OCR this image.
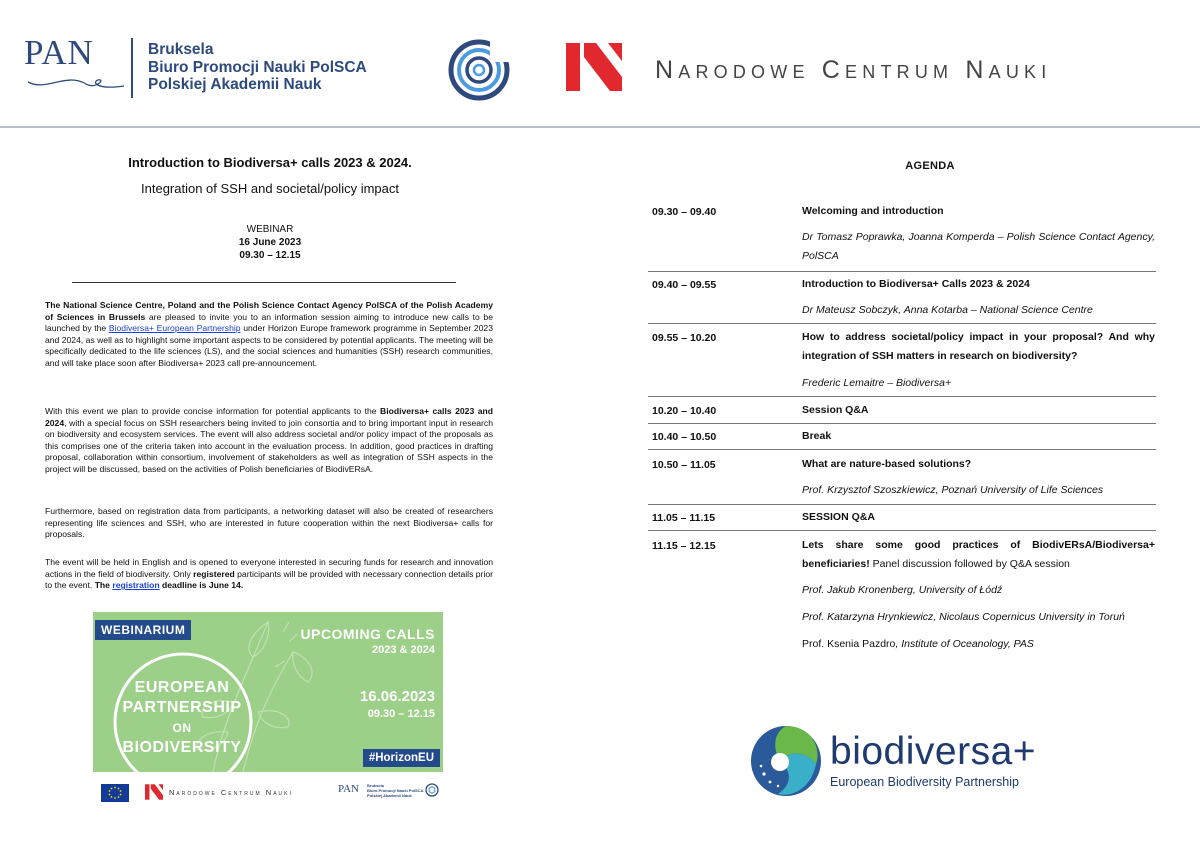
PAN	Bruksela
Biuro Promocji Nauki PolSCA
Polskiej Akademii Nauk
Narodowe Centrum Nauki
Introduction to Biodiversa+ calls 2023 & 2024.
Integration of SSH and societal/policy impact
WEBINAR
16 June 2023
09.30 – 12.15
The National Science Centre, Poland and the Polish Science Contact Agency PolSCA of the Polish Academy of Sciences in Brussels are pleased to invite you to an information session aiming to introduce new calls to be launched by the Biodiversa+ European Partnership under Horizon Europe framework programme in September 2023 and 2024, as well as to highlight some important aspects to be considered by potential applicants. The meeting will be specifically dedicated to the life sciences (LS), and the social sciences and humanities (SSH) research communities, and will take place soon after Biodiversa+ 2023 call pre-announcement.
With this event we plan to provide concise information for potential applicants to the Biodiversa+ calls 2023 and 2024, with a special focus on SSH researchers being invited to join consortia and to bring important input in research on biodiversity and ecosystem services. The event will also address societal and/or policy impact of the proposals as this comprises one of the criteria taken into account in the evaluation process. In addition, good practices in drafting proposal, collaboration within consortium, involvement of stakeholders as well as integration of SSH aspects in the project will be discussed, based on the activities of Polish beneficiaries of BiodivERsA.
Furthermore, based on registration data from participants, a networking dataset will also be created of researchers representing life sciences and SSH, who are interested in future cooperation within the next Biodiversa+ calls for proposals.
The event will be held in English and is opened to everyone interested in securing funds for research and innovation actions in the field of biodiversity. Only registered participants will be provided with necessary connection details prior to the event. The registration deadline is June 14.
WEBINARIUM	UPCOMING CALLS
2023 & 2024
EUROPEAN
PARTNERSHIP
ON
BIODIVERSITY
16.06.2023
09.30 – 12.15
#HorizonEU
Narodowe Centrum Nauki	PAN Bruksela
Biuro Promocji Nauki PolSCA
Polskiej Akademii Nauk
AGENDA
09.30 – 09.40	Welcoming and introduction
Dr Tomasz Poprawka, Joanna Komperda – Polish Science Contact Agency, PolSCA
09.40 – 09.55	Introduction to Biodiversa+ Calls 2023 & 2024
Dr Mateusz Sobczyk, Anna Kotarba – National Science Centre
09.55 – 10.20	How to address societal/policy impact in your proposal? And why integration of SSH matters in research on biodiversity?
Frederic Lemaitre – Biodiversa+
10.20 – 10.40	Session Q&A
10.40 – 10.50	Break
10.50 – 11.05	What are nature-based solutions?
Prof. Krzysztof Szoszkiewicz, Poznań University of Life Sciences
11.05 – 11.15	SESSION Q&A
11.15 – 12.15	Lets share some good practices of BiodivERsA/Biodiversa+ beneficiaries! Panel discussion followed by Q&A session
Prof. Jakub Kronenberg, University of Łódź
Prof. Katarzyna Hrynkiewicz, Nicolaus Copernicus University in Toruń
Prof. Ksenia Pazdro, Institute of Oceanology, PAS
biodiversa+
European Biodiversity Partnership
